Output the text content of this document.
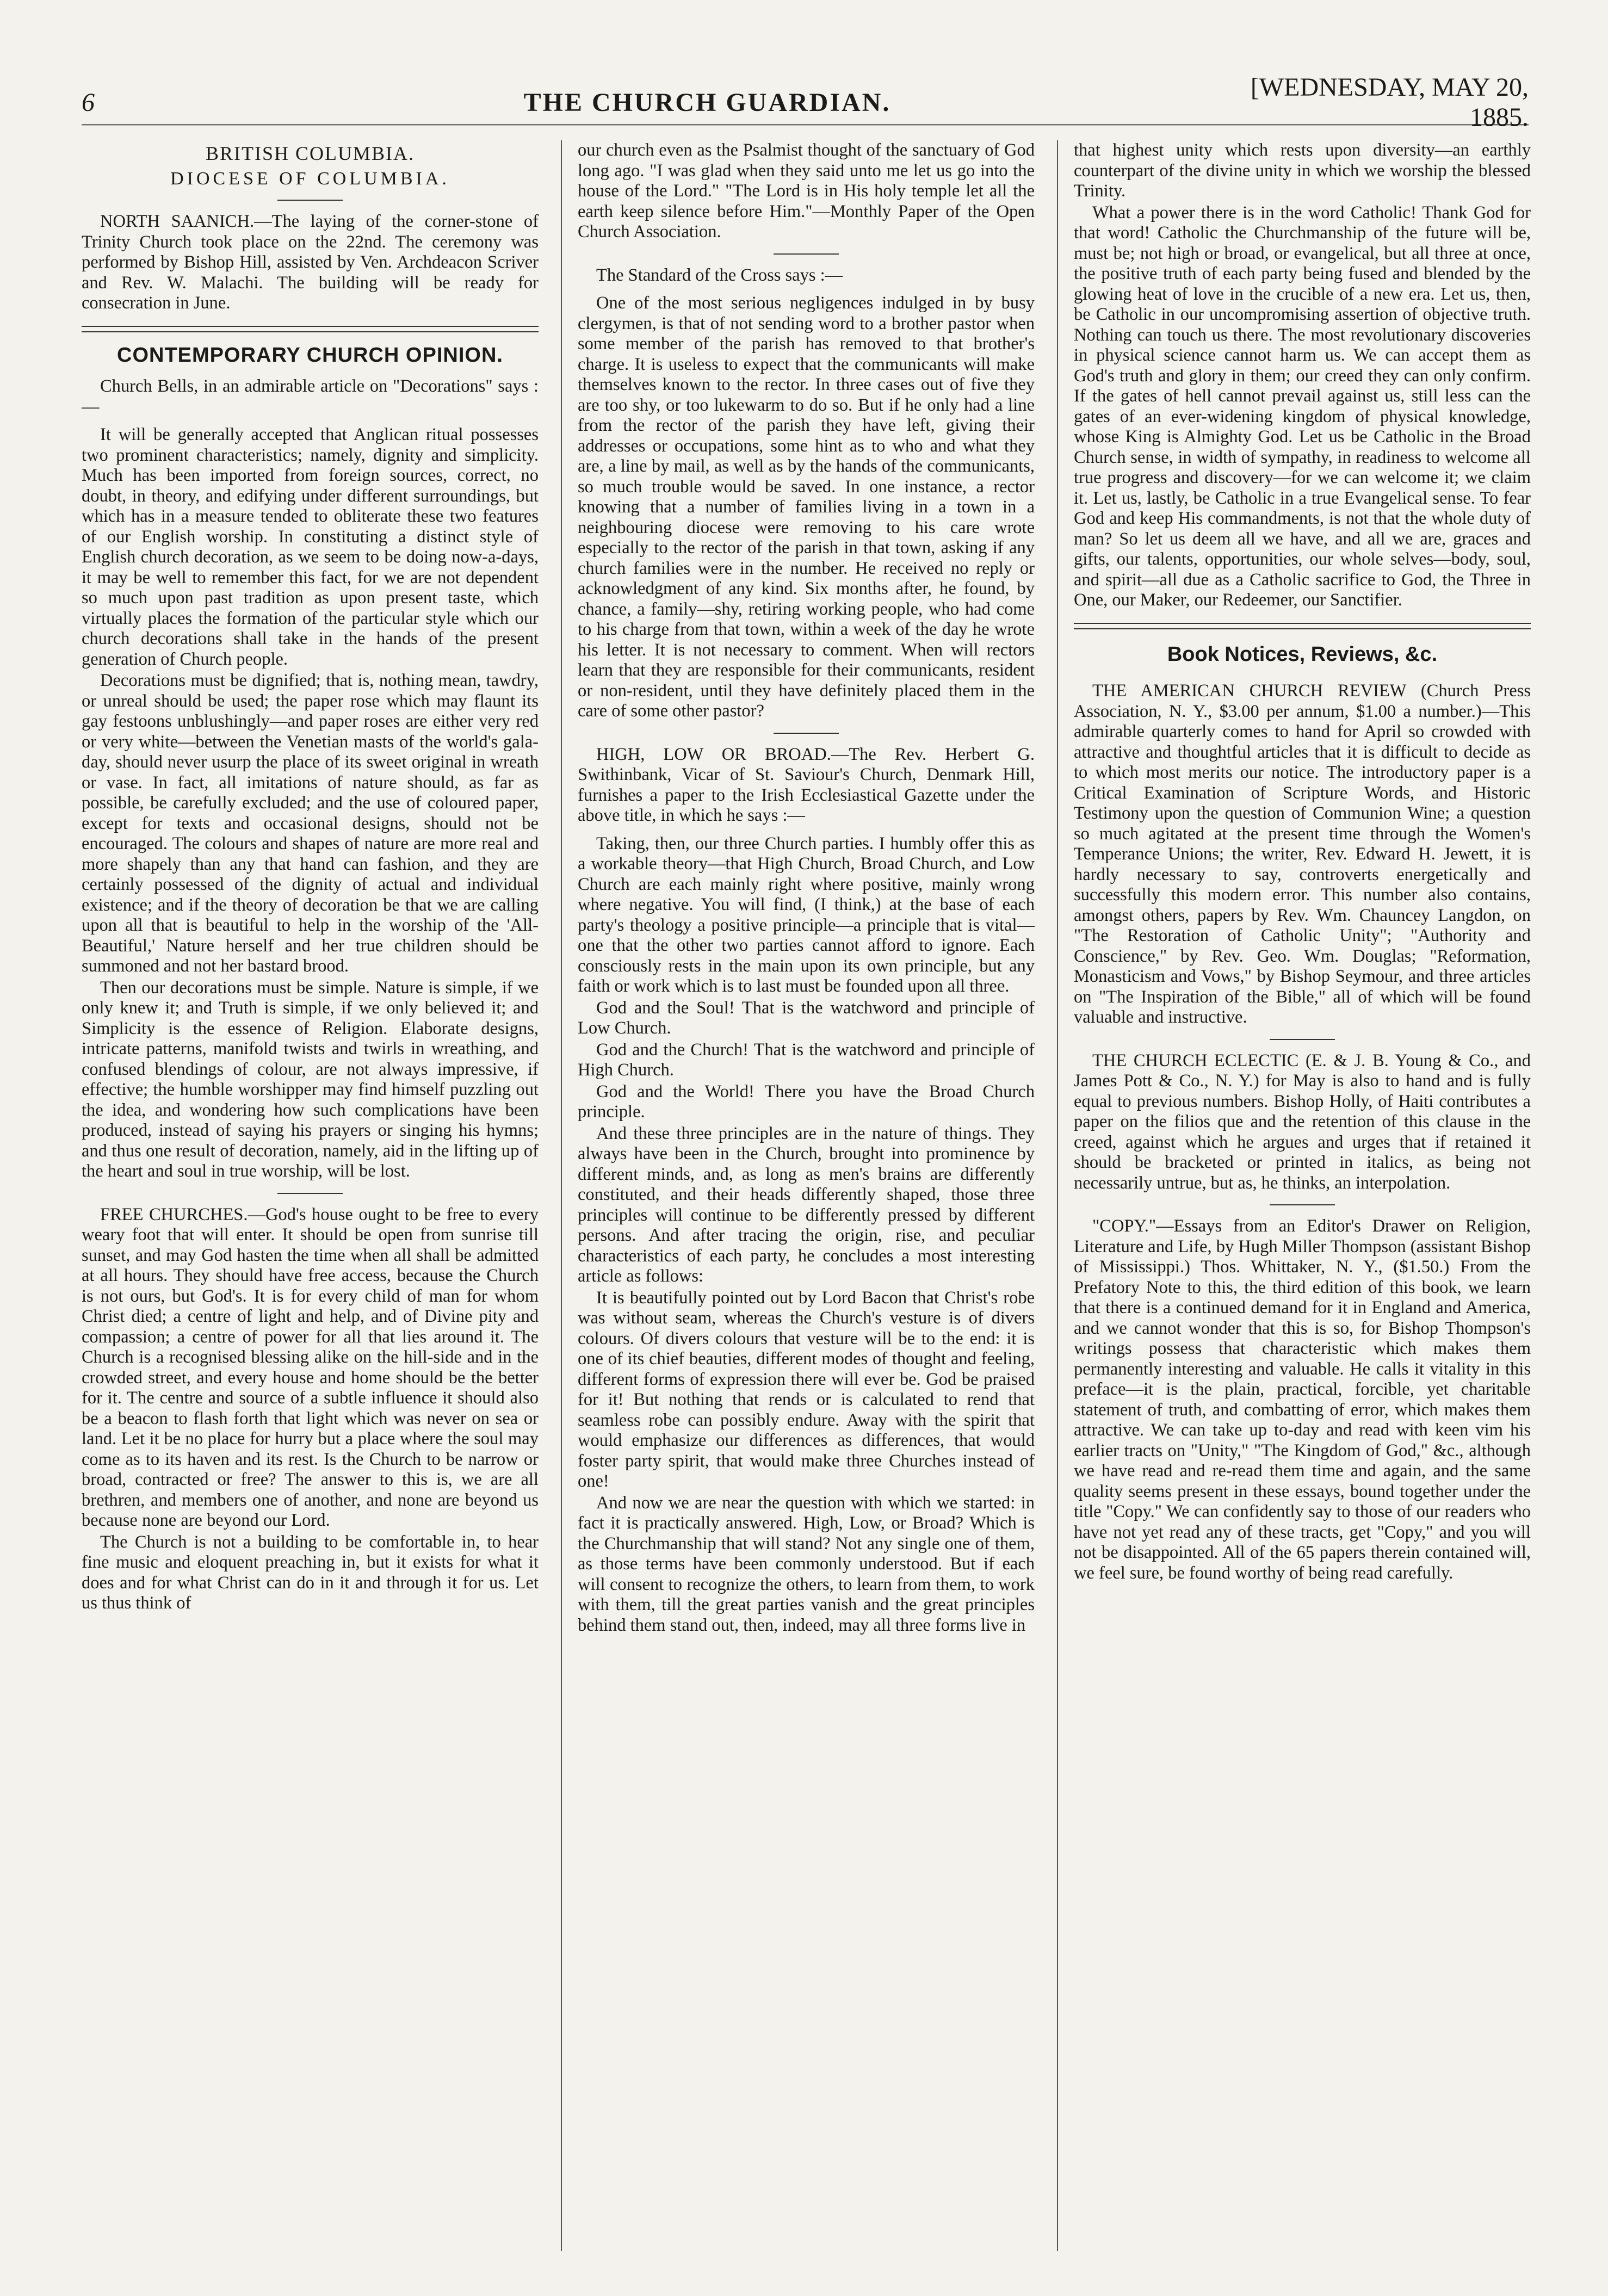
6	THE CHURCH GUARDIAN.
[WEDNESDAY, MAY 20, 1885.
BRITISH COLUMBIA.
DIOCESE OF COLUMBIA.

NORTH SAANICH.—The laying of the corner-stone of Trinity Church took place on the 22nd. The ceremony was performed by Bishop Hill, assisted by Ven. Archdeacon Scriver and Rev. W. Malachi. The building will be ready for consecration in June.

CONTEMPORARY CHURCH OPINION.

Church Bells, in an admirable article on "Decorations" says :—

It will be generally accepted that Anglican ritual possesses two prominent characteristics; namely, dignity and simplicity. Much has been imported from foreign sources, correct, no doubt, in theory, and edifying under different surroundings, but which has in a measure tended to obliterate these two features of our English worship. In constituting a distinct style of English church decoration, as we seem to be doing now-a-days, it may be well to remember this fact, for we are not dependent so much upon past tradition as upon present taste, which virtually places the formation of the particular style which our church decorations shall take in the hands of the present generation of Church people.

Decorations must be dignified; that is, nothing mean, tawdry, or unreal should be used; the paper rose which may flaunt its gay festoons unblushingly—and paper roses are either very red or very white—between the Venetian masts of the world's gala-day, should never usurp the place of its sweet original in wreath or vase. In fact, all imitations of nature should, as far as possible, be carefully excluded; and the use of coloured paper, except for texts and occasional designs, should not be encouraged. The colours and shapes of nature are more real and more shapely than any that hand can fashion, and they are certainly possessed of the dignity of actual and individual existence; and if the theory of decoration be that we are calling upon all that is beautiful to help in the worship of the 'All-Beautiful,' Nature herself and her true children should be summoned and not her bastard brood.

Then our decorations must be simple. Nature is simple, if we only knew it; and Truth is simple, if we only believed it; and Simplicity is the essence of Religion. Elaborate designs, intricate patterns, manifold twists and twirls in wreathing, and confused blendings of colour, are not always impressive, if effective; the humble worshipper may find himself puzzling out the idea, and wondering how such complications have been produced, instead of saying his prayers or singing his hymns; and thus one result of decoration, namely, aid in the lifting up of the heart and soul in true worship, will be lost.

FREE CHURCHES.—God's house ought to be free to every weary foot that will enter. It should be open from sunrise till sunset, and may God hasten the time when all shall be admitted at all hours. They should have free access, because the Church is not ours, but God's. It is for every child of man for whom Christ died; a centre of light and help, and of Divine pity and compassion; a centre of power for all that lies around it. The Church is a recognised blessing alike on the hill-side and in the crowded street, and every house and home should be the better for it. The centre and source of a subtle influence it should also be a beacon to flash forth that light which was never on sea or land. Let it be no place for hurry but a place where the soul may come as to its haven and its rest. Is the Church to be narrow or broad, contracted or free? The answer to this is, we are all brethren, and members one of another, and none are beyond us because none are beyond our Lord.

The Church is not a building to be comfortable in, to hear fine music and eloquent preaching in, but it exists for what it does and for what Christ can do in it and through it for us. Let us thus think of

our church even as the Psalmist thought of the sanctuary of God long ago. "I was glad when they said unto me let us go into the house of the Lord." "The Lord is in His holy temple let all the earth keep silence before Him."—Monthly Paper of the Open Church Association.

The Standard of the Cross says :—

One of the most serious negligences indulged in by busy clergymen, is that of not sending word to a brother pastor when some member of the parish has removed to that brother's charge. It is useless to expect that the communicants will make themselves known to the rector. In three cases out of five they are too shy, or too lukewarm to do so. But if he only had a line from the rector of the parish they have left, giving their addresses or occupations, some hint as to who and what they are, a line by mail, as well as by the hands of the communicants, so much trouble would be saved. In one instance, a rector knowing that a number of families living in a town in a neighbouring diocese were removing to his care wrote especially to the rector of the parish in that town, asking if any church families were in the number. He received no reply or acknowledgment of any kind. Six months after, he found, by chance, a family—shy, retiring working people, who had come to his charge from that town, within a week of the day he wrote his letter. It is not necessary to comment. When will rectors learn that they are responsible for their communicants, resident or non-resident, until they have definitely placed them in the care of some other pastor?

HIGH, LOW OR BROAD.—The Rev. Herbert G. Swithinbank, Vicar of St. Saviour's Church, Denmark Hill, furnishes a paper to the Irish Ecclesiastical Gazette under the above title, in which he says :—

Taking, then, our three Church parties. I humbly offer this as a workable theory—that High Church, Broad Church, and Low Church are each mainly right where positive, mainly wrong where negative. You will find, (I think,) at the base of each party's theology a positive principle—a principle that is vital—one that the other two parties cannot afford to ignore. Each consciously rests in the main upon its own principle, but any faith or work which is to last must be founded upon all three.

God and the Soul! That is the watchword and principle of Low Church.

God and the Church! That is the watchword and principle of High Church.

God and the World! There you have the Broad Church principle.

And these three principles are in the nature of things. They always have been in the Church, brought into prominence by different minds, and, as long as men's brains are differently constituted, and their heads differently shaped, those three principles will continue to be differently pressed by different persons. And after tracing the origin, rise, and peculiar characteristics of each party, he concludes a most interesting article as follows:

It is beautifully pointed out by Lord Bacon that Christ's robe was without seam, whereas the Church's vesture is of divers colours. Of divers colours that vesture will be to the end: it is one of its chief beauties, different modes of thought and feeling, different forms of expression there will ever be. God be praised for it! But nothing that rends or is calculated to rend that seamless robe can possibly endure. Away with the spirit that would emphasize our differences as differences, that would foster party spirit, that would make three Churches instead of one!

And now we are near the question with which we started: in fact it is practically answered. High, Low, or Broad? Which is the Churchmanship that will stand? Not any single one of them, as those terms have been commonly understood. But if each will consent to recognize the others, to learn from them, to work with them, till the great parties vanish and the great principles behind them stand out, then, indeed, may all three forms live in

that highest unity which rests upon diversity—an earthly counterpart of the divine unity in which we worship the blessed Trinity.

What a power there is in the word Catholic! Thank God for that word! Catholic the Churchmanship of the future will be, must be; not high or broad, or evangelical, but all three at once, the positive truth of each party being fused and blended by the glowing heat of love in the crucible of a new era. Let us, then, be Catholic in our uncompromising assertion of objective truth. Nothing can touch us there. The most revolutionary discoveries in physical science cannot harm us. We can accept them as God's truth and glory in them; our creed they can only confirm. If the gates of hell cannot prevail against us, still less can the gates of an ever-widening kingdom of physical knowledge, whose King is Almighty God. Let us be Catholic in the Broad Church sense, in width of sympathy, in readiness to welcome all true progress and discovery—for we can welcome it; we claim it. Let us, lastly, be Catholic in a true Evangelical sense. To fear God and keep His commandments, is not that the whole duty of man? So let us deem all we have, and all we are, graces and gifts, our talents, opportunities, our whole selves—body, soul, and spirit—all due as a Catholic sacrifice to God, the Three in One, our Maker, our Redeemer, our Sanctifier.

Book Notices, Reviews, &c.

THE AMERICAN CHURCH REVIEW (Church Press Association, N. Y., $3.00 per annum, $1.00 a number.)—This admirable quarterly comes to hand for April so crowded with attractive and thoughtful articles that it is difficult to decide as to which most merits our notice. The introductory paper is a Critical Examination of Scripture Words, and Historic Testimony upon the question of Communion Wine; a question so much agitated at the present time through the Women's Temperance Unions; the writer, Rev. Edward H. Jewett, it is hardly necessary to say, controverts energetically and successfully this modern error. This number also contains, amongst others, papers by Rev. Wm. Chauncey Langdon, on "The Restoration of Catholic Unity"; "Authority and Conscience," by Rev. Geo. Wm. Douglas; "Reformation, Monasticism and Vows," by Bishop Seymour, and three articles on "The Inspiration of the Bible," all of which will be found valuable and instructive.

THE CHURCH ECLECTIC (E. & J. B. Young & Co., and James Pott & Co., N. Y.) for May is also to hand and is fully equal to previous numbers. Bishop Holly, of Haiti contributes a paper on the filios que and the retention of this clause in the creed, against which he argues and urges that if retained it should be bracketed or printed in italics, as being not necessarily untrue, but as, he thinks, an interpolation.

"COPY."—Essays from an Editor's Drawer on Religion, Literature and Life, by Hugh Miller Thompson (assistant Bishop of Mississippi.) Thos. Whittaker, N. Y., ($1.50.) From the Prefatory Note to this, the third edition of this book, we learn that there is a continued demand for it in England and America, and we cannot wonder that this is so, for Bishop Thompson's writings possess that characteristic which makes them permanently interesting and valuable. He calls it vitality in this preface—it is the plain, practical, forcible, yet charitable statement of truth, and combatting of error, which makes them attractive. We can take up to-day and read with keen vim his earlier tracts on "Unity," "The Kingdom of God," &c., although we have read and re-read them time and again, and the same quality seems present in these essays, bound together under the title "Copy." We can confidently say to those of our readers who have not yet read any of these tracts, get "Copy," and you will not be disappointed. All of the 65 papers therein contained will, we feel sure, be found worthy of being read carefully.
